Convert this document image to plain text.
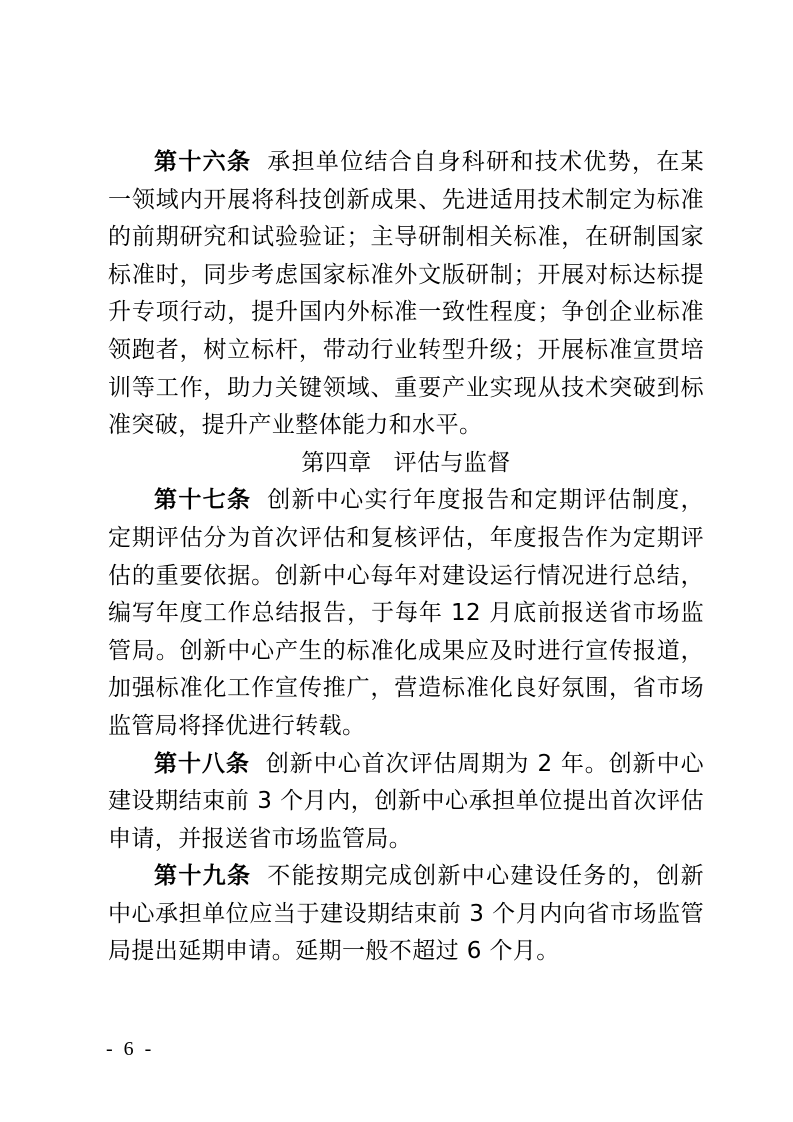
第十六条 承担单位结合自身科研和技术优势，在某一领域内开展将科技创新成果、先进适用技术制定为标准的前期研究和试验验证；主导研制相关标准，在研制国家标准时，同步考虑国家标准外文版研制；开展对标达标提升专项行动，提升国内外标准一致性程度；争创企业标准领跑者，树立标杆，带动行业转型升级；开展标准宣贯培训等工作，助力关键领域、重要产业实现从技术突破到标准突破，提升产业整体能力和水平。

第四章 评估与监督

第十七条 创新中心实行年度报告和定期评估制度，定期评估分为首次评估和复核评估，年度报告作为定期评估的重要依据。创新中心每年对建设运行情况进行总结，编写年度工作总结报告，于每年 12 月底前报送省市场监管局。创新中心产生的标准化成果应及时进行宣传报道，加强标准化工作宣传推广，营造标准化良好氛围，省市场监管局将择优进行转载。

第十八条 创新中心首次评估周期为 2 年。创新中心建设期结束前 3 个月内，创新中心承担单位提出首次评估申请，并报送省市场监管局。

第十九条 不能按期完成创新中心建设任务的，创新中心承担单位应当于建设期结束前 3 个月内向省市场监管局提出延期申请。延期一般不超过 6 个月。

- 6 -
